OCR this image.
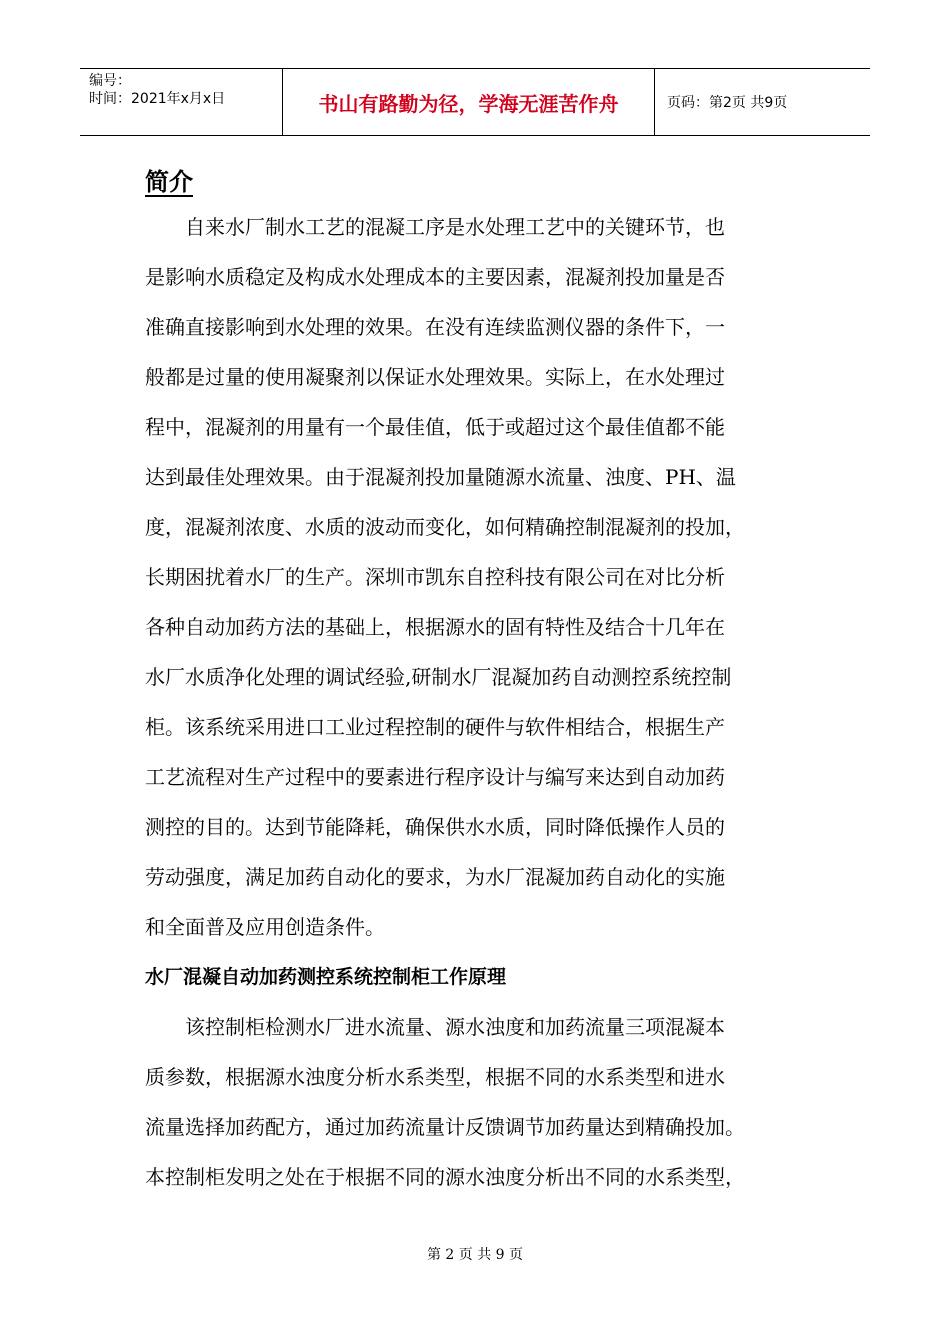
编号：
时间：2021年x月x日	书山有路勤为径，学海无涯苦作舟	页码：第2页 共9页
简介

　　自来水厂制水工艺的混凝工序是水处理工艺中的关键环节，也
是影响水质稳定及构成水处理成本的主要因素，混凝剂投加量是否
准确直接影响到水处理的效果。在没有连续监测仪器的条件下，一
般都是过量的使用凝聚剂以保证水处理效果。实际上，在水处理过
程中，混凝剂的用量有一个最佳值，低于或超过这个最佳值都不能
达到最佳处理效果。由于混凝剂投加量随源水流量、浊度、PH、温
度，混凝剂浓度、水质的波动而变化，如何精确控制混凝剂的投加，
长期困扰着水厂的生产。深圳市凯东自控科技有限公司在对比分析
各种自动加药方法的基础上，根据源水的固有特性及结合十几年在
水厂水质净化处理的调试经验,研制水厂混凝加药自动测控系统控制
柜。该系统采用进口工业过程控制的硬件与软件相结合，根据生产
工艺流程对生产过程中的要素进行程序设计与编写来达到自动加药
测控的目的。达到节能降耗，确保供水水质，同时降低操作人员的
劳动强度，满足加药自动化的要求，为水厂混凝加药自动化的实施
和全面普及应用创造条件。

水厂混凝自动加药测控系统控制柜工作原理

　　该控制柜检测水厂进水流量、源水浊度和加药流量三项混凝本
质参数，根据源水浊度分析水系类型，根据不同的水系类型和进水
流量选择加药配方，通过加药流量计反馈调节加药量达到精确投加。
本控制柜发明之处在于根据不同的源水浊度分析出不同的水系类型，

第 2 页 共 9 页
